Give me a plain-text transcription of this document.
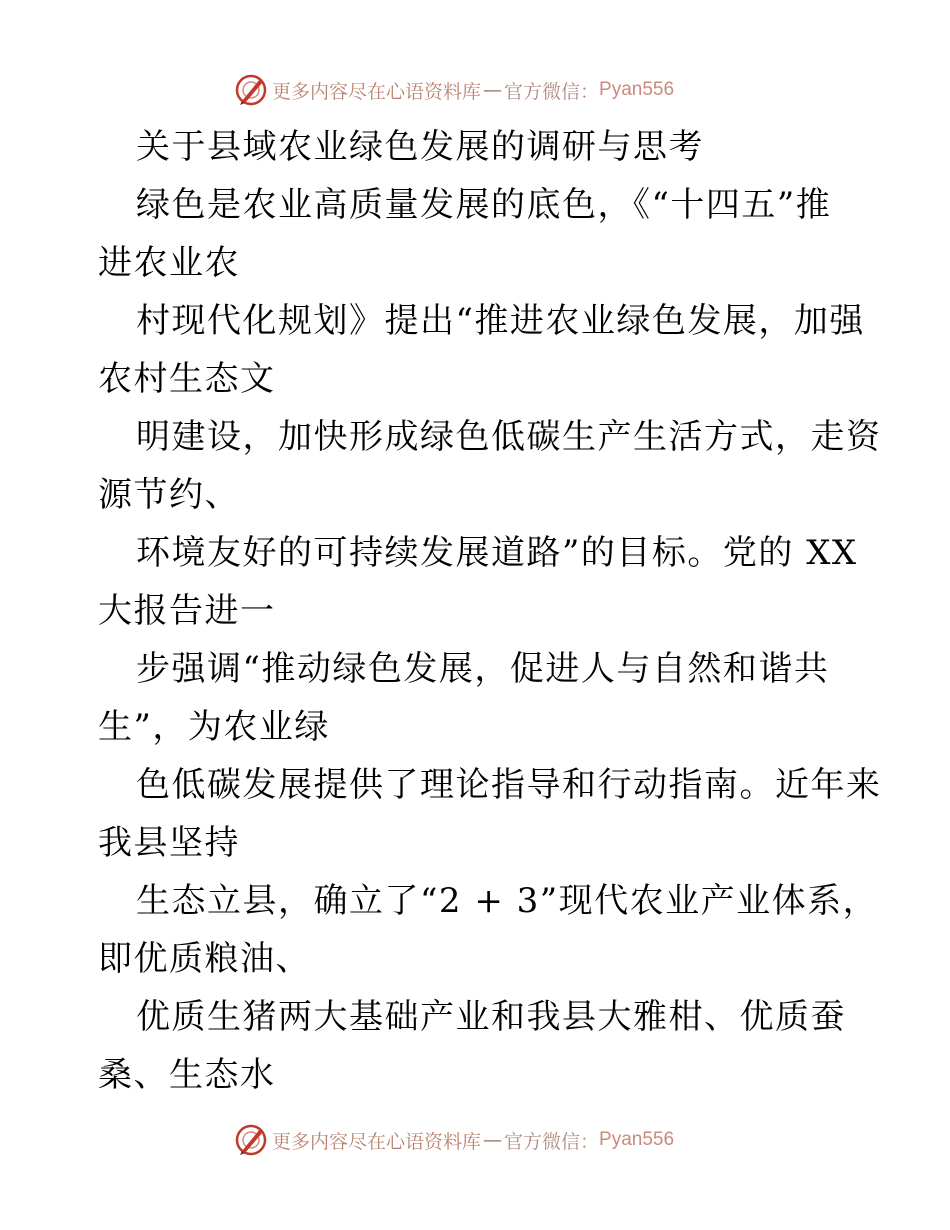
更多内容尽在心语资料库 — 官方微信： Pyan556
关于县域农业绿色发展的调研与思考
绿色是农业高质量发展的底色，《“十四五”推
进农业农
村现代化规划》提出“推进农业绿色发展，加强
农村生态文
明建设，加快形成绿色低碳生产生活方式，走资
源节约、
环境友好的可持续发展道路”的目标。党的 XX
大报告进一
步强调“推动绿色发展，促进人与自然和谐共
生”，为农业绿
色低碳发展提供了理论指导和行动指南。近年来
我县坚持
生态立县，确立了“2 + 3”现代农业产业体系，
即优质粮油、
优质生猪两大基础产业和我县大雅柑、优质蚕
桑、生态水
更多内容尽在心语资料库 — 官方微信： Pyan556
